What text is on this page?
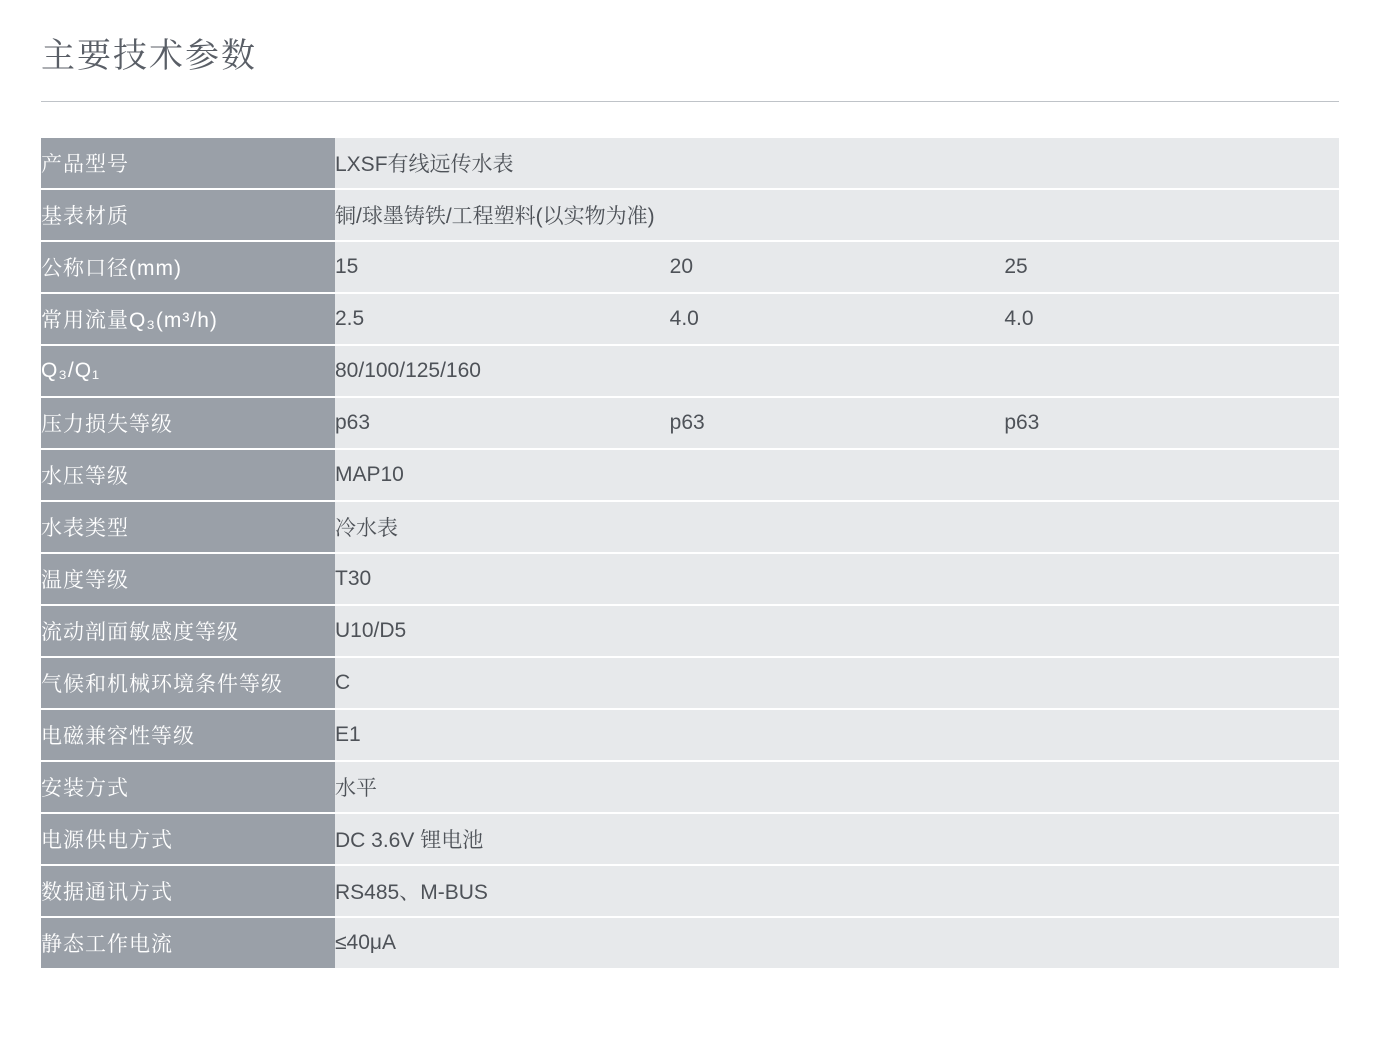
主要技术参数
产品型号	LXSF有线远传水表		
基表材质	铜/球墨铸铁/工程塑料(以实物为准)		
公称口径(mm)	15	20	25
常用流量Q₃(m³/h)	2.5	4.0	4.0
Q₃/Q₁	80/100/125/160		
压力损失等级	p63	p63	p63
水压等级	MAP10		
水表类型	冷水表		
温度等级	T30		
流动剖面敏感度等级	U10/D5		
气候和机械环境条件等级	C		
电磁兼容性等级	E1		
安装方式	水平		
电源供电方式	DC 3.6V 锂电池		
数据通讯方式	RS485、M-BUS		
静态工作电流	≤40μA		
